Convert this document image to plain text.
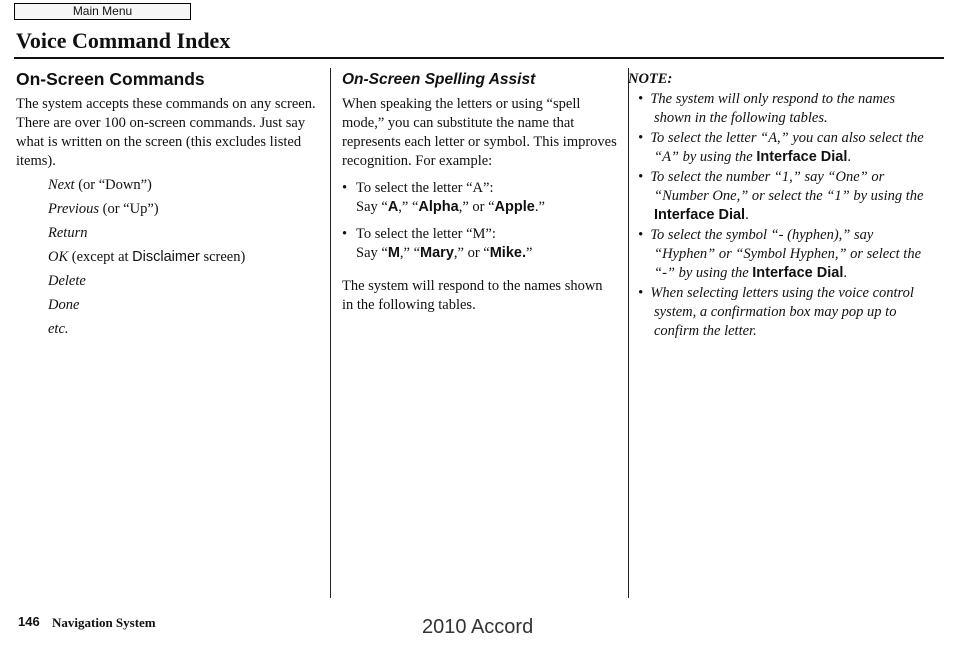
Main Menu
Voice Command Index
On-Screen Commands

The system accepts these commands on any screen. There are over 100 on-screen commands. Just say what is written on the screen (this excludes listed items).

Next (or “Down”)

Previous (or “Up”)

Return

OK (except at Disclaimer screen)

Delete

Done

etc.

On-Screen Spelling Assist

When speaking the letters or using “spell mode,” you can substitute the name that represents each letter or symbol. This improves recognition. For example:

• To select the letter “A”:
Say “A,” “Alpha,” or “Apple.”
• To select the letter “M”:
Say “M,” “Mary,” or “Mike.”

The system will respond to the names shown in the following tables.

NOTE:

•  The system will only respond to the names shown in the following tables.

•  To select the letter “A,” you can also select the “A” by using the Interface Dial.

•  To select the number “1,” say “One” or “Number One,” or select the “1” by using the Interface Dial.

•  To select the symbol “- (hyphen),” say “Hyphen” or “Symbol Hyphen,” or select the “-” by using the Interface Dial.

•  When selecting letters using the voice control system, a confirmation box may pop up to confirm the letter.

146 Navigation System	2010 Accord
